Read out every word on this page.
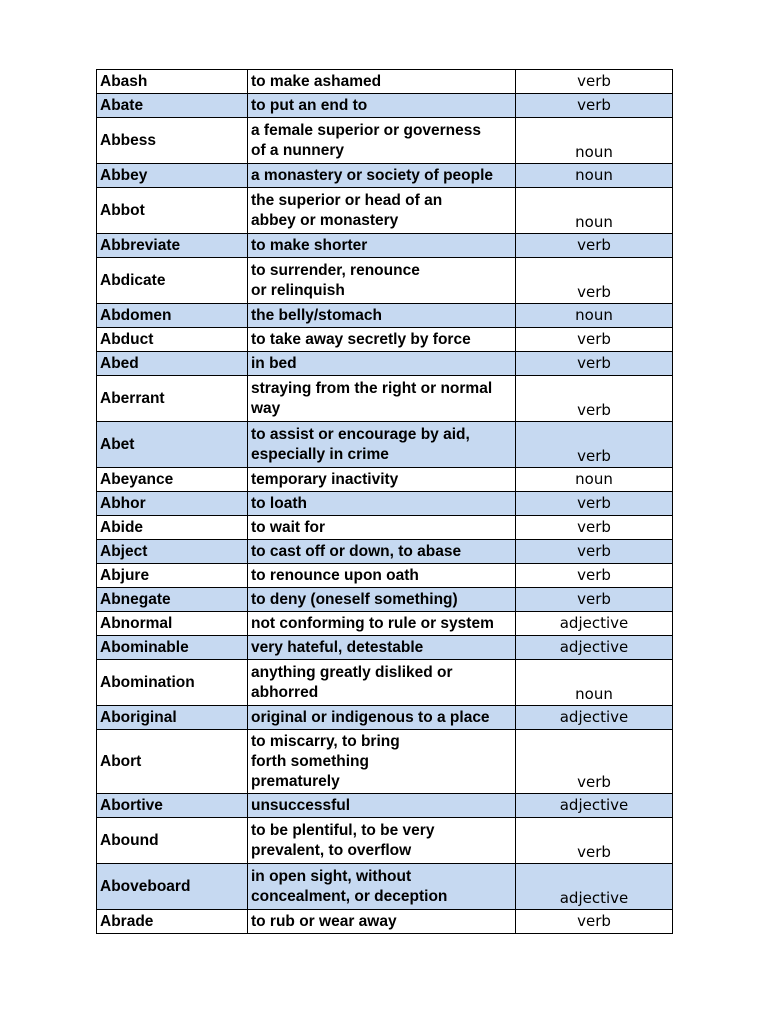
Abash	to make ashamed	verb
Abate	to put an end to	verb
Abbess	a female superior or governess
of a nunnery	noun
Abbey	a monastery or society of people	noun
Abbot	the superior or head of an
abbey or monastery	noun
Abbreviate	to make shorter	verb
Abdicate	to surrender, renounce
or relinquish	verb
Abdomen	the belly/stomach	noun
Abduct	to take away secretly by force	verb
Abed	in bed	verb
Aberrant	straying from the right or normal
way	verb
Abet	to assist or encourage by aid,
especially in crime	verb
Abeyance	temporary inactivity	noun
Abhor	to loath	verb
Abide	to wait for	verb
Abject	to cast off or down, to abase	verb
Abjure	to renounce upon oath	verb
Abnegate	to deny (oneself something)	verb
Abnormal	not conforming to rule or system	adjective
Abominable	very hateful, detestable	adjective
Abomination	anything greatly disliked or
abhorred	noun
Aboriginal	original or indigenous to a place	adjective
Abort	to miscarry, to bring
forth something
prematurely	verb
Abortive	unsuccessful	adjective
Abound	to be plentiful, to be very
prevalent, to overflow	verb
Aboveboard	in open sight, without
concealment, or deception	adjective
Abrade	to rub or wear away	verb
